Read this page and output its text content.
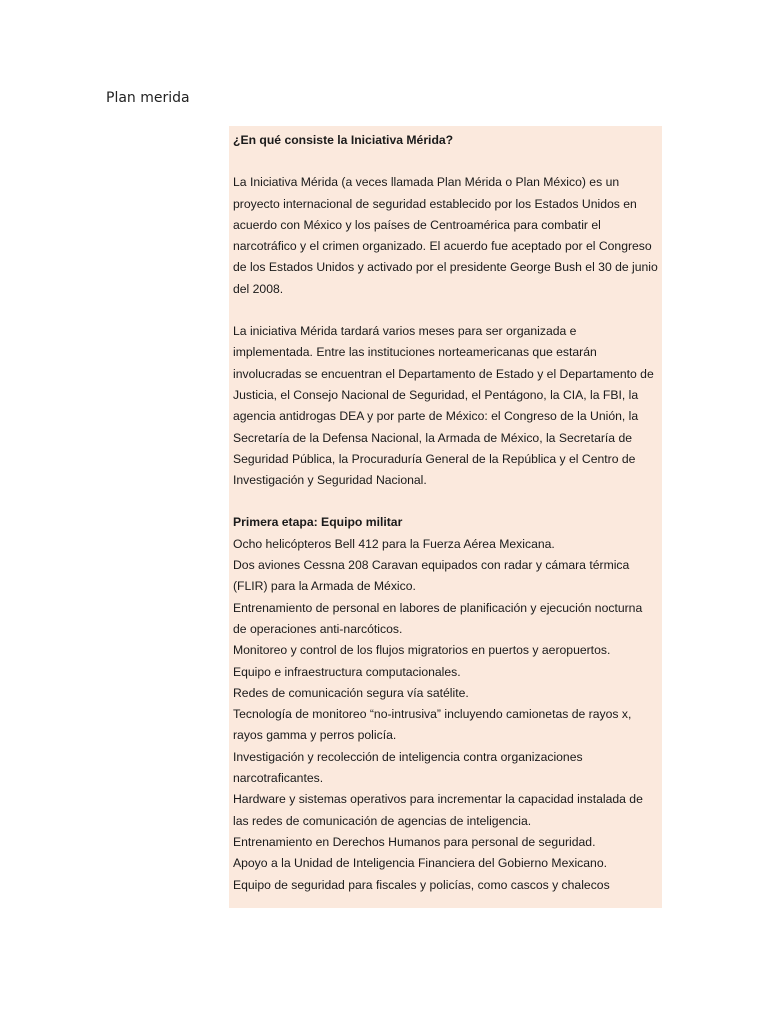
Plan merida

¿En qué consiste la Iniciativa Mérida?

La Iniciativa Mérida (a veces llamada Plan Mérida o Plan México) es un proyecto internacional de seguridad establecido por los Estados Unidos en acuerdo con México y los países de Centroamérica para combatir el narcotráfico y el crimen organizado. El acuerdo fue aceptado por el Congreso de los Estados Unidos y activado por el presidente George Bush el 30 de junio del 2008.

La iniciativa Mérida tardará varios meses para ser organizada e implementada. Entre las instituciones norteamericanas que estarán involucradas se encuentran el Departamento de Estado y el Departamento de Justicia, el Consejo Nacional de Seguridad, el Pentágono, la CIA, la FBI, la agencia antidrogas DEA y por parte de México: el Congreso de la Unión, la Secretaría de la Defensa Nacional, la Armada de México, la Secretaría de Seguridad Pública, la Procuraduría General de la República y el Centro de Investigación y Seguridad Nacional.

Primera etapa: Equipo militar

Ocho helicópteros Bell 412 para la Fuerza Aérea Mexicana.

Dos aviones Cessna 208 Caravan equipados con radar y cámara térmica (FLIR) para la Armada de México.

Entrenamiento de personal en labores de planificación y ejecución nocturna de operaciones anti-narcóticos.

Monitoreo y control de los flujos migratorios en puertos y aeropuertos.

Equipo e infraestructura computacionales.

Redes de comunicación segura vía satélite.

Tecnología de monitoreo “no-intrusiva” incluyendo camionetas de rayos x, rayos gamma y perros policía.

Investigación y recolección de inteligencia contra organizaciones narcotraficantes.

Hardware y sistemas operativos para incrementar la capacidad instalada de las redes de comunicación de agencias de inteligencia.

Entrenamiento en Derechos Humanos para personal de seguridad.

Apoyo a la Unidad de Inteligencia Financiera del Gobierno Mexicano.

Equipo de seguridad para fiscales y policías, como cascos y chalecos
